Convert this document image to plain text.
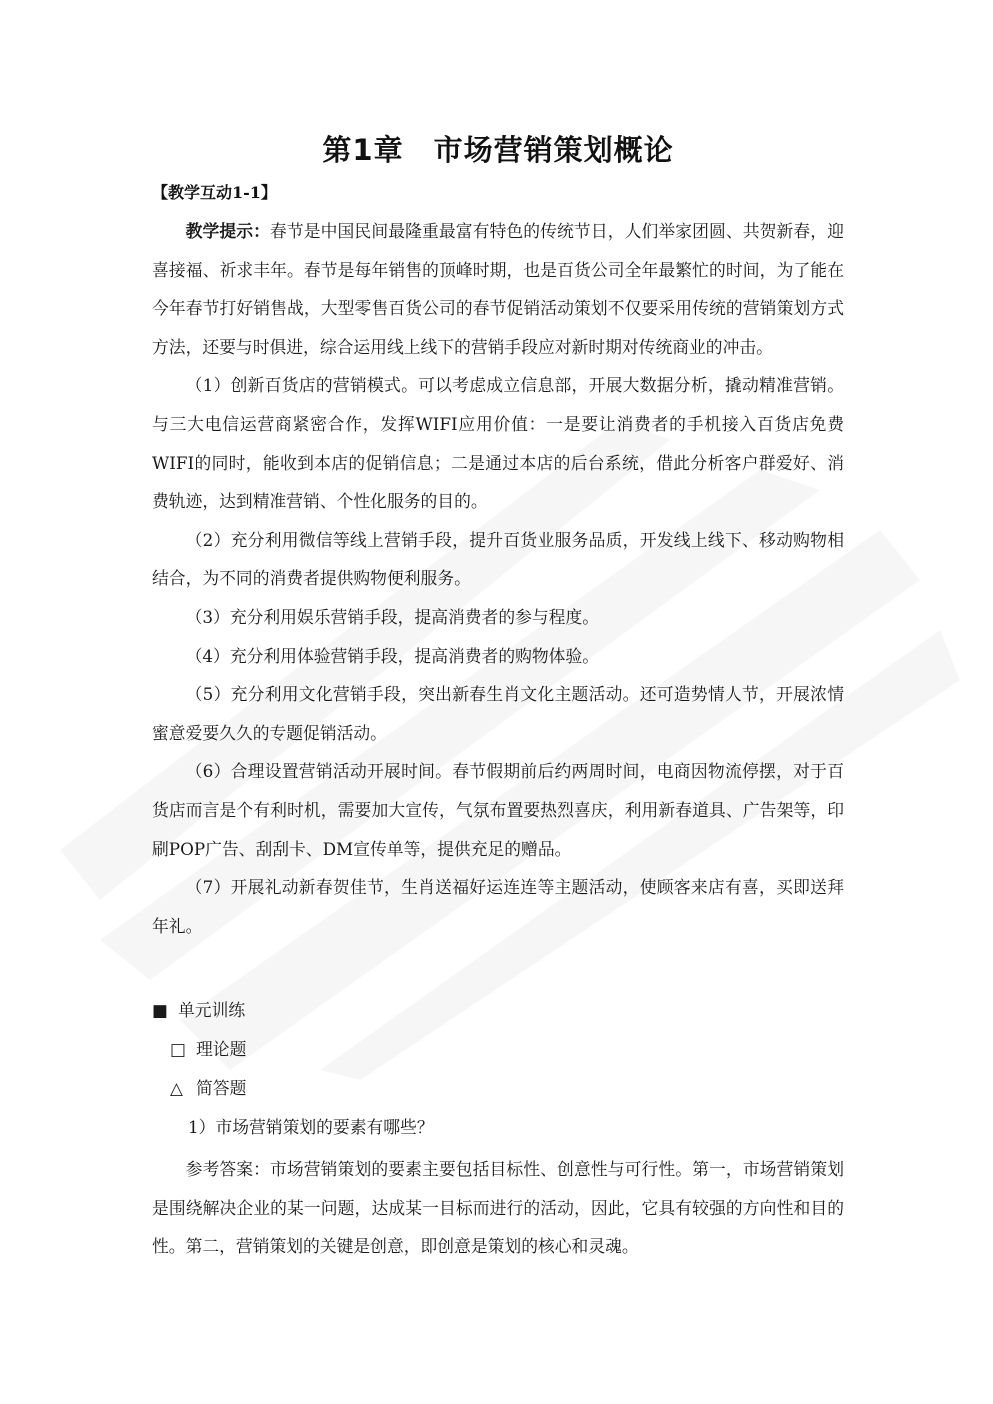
第1章 市场营销策划概论
【教学互动1-1】

教学提示：春节是中国民间最隆重最富有特色的传统节日，人们举家团圆、共贺新春，迎喜接福、祈求丰年。春节是每年销售的顶峰时期，也是百货公司全年最繁忙的时间，为了能在今年春节打好销售战，大型零售百货公司的春节促销活动策划不仅要采用传统的营销策划方式方法，还要与时俱进，综合运用线上线下的营销手段应对新时期对传统商业的冲击。

（1）创新百货店的营销模式。可以考虑成立信息部，开展大数据分析，撬动精准营销。与三大电信运营商紧密合作，发挥WIFI应用价值：一是要让消费者的手机接入百货店免费WIFI的同时，能收到本店的促销信息；二是通过本店的后台系统，借此分析客户群爱好、消费轨迹，达到精准营销、个性化服务的目的。

（2）充分利用微信等线上营销手段，提升百货业服务品质，开发线上线下、移动购物相结合，为不同的消费者提供购物便利服务。

（3）充分利用娱乐营销手段，提高消费者的参与程度。

（4）充分利用体验营销手段，提高消费者的购物体验。

（5）充分利用文化营销手段，突出新春生肖文化主题活动。还可造势情人节，开展浓情蜜意爱要久久的专题促销活动。

（6）合理设置营销活动开展时间。春节假期前后约两周时间，电商因物流停摆，对于百货店而言是个有利时机，需要加大宣传，气氛布置要热烈喜庆，利用新春道具、广告架等，印刷POP广告、刮刮卡、DM宣传单等，提供充足的赠品。

（7）开展礼动新春贺佳节，生肖送福好运连连等主题活动，使顾客来店有喜，买即送拜年礼。

■ 单元训练
□ 理论题
△ 简答题
1）市场营销策划的要素有哪些？

参考答案：市场营销策划的要素主要包括目标性、创意性与可行性。第一，市场营销策划是围绕解决企业的某一问题，达成某一目标而进行的活动，因此，它具有较强的方向性和目的性。第二，营销策划的关键是创意，即创意是策划的核心和灵魂。
